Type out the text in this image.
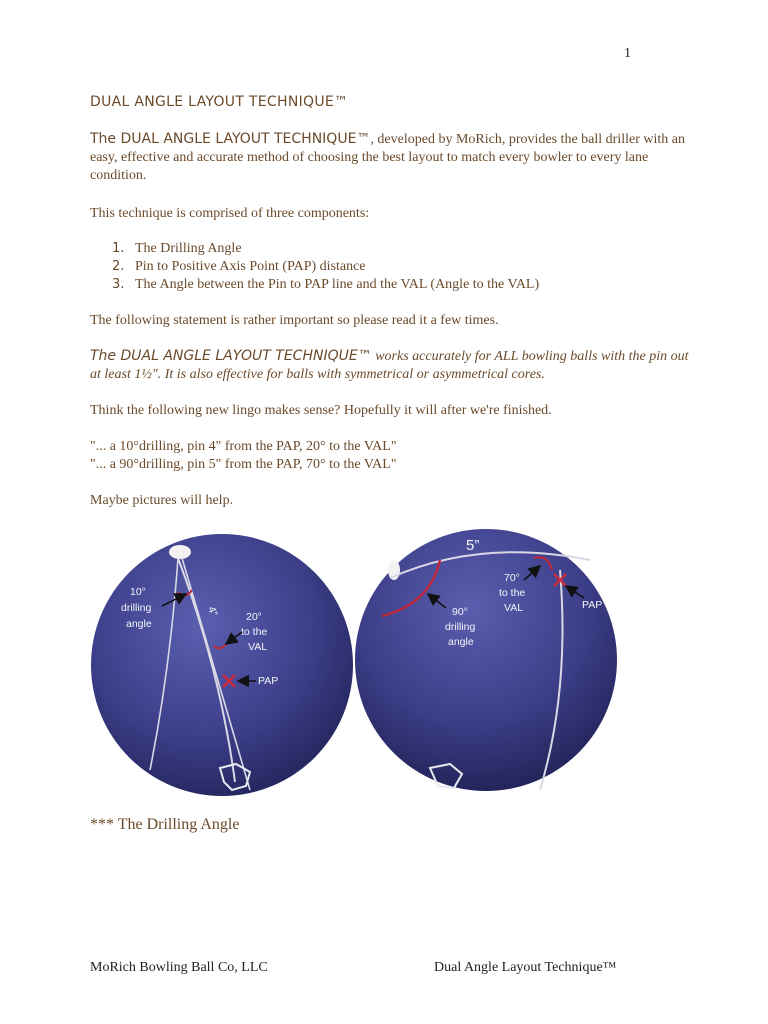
1
DUAL ANGLE LAYOUT TECHNIQUE™

The DUAL ANGLE LAYOUT TECHNIQUE™, developed by MoRich, provides the ball driller with an easy, effective and accurate method of choosing the best layout to match every bowler to every lane condition.

This technique is comprised of three components:

1. The Drilling Angle
2. Pin to Positive Axis Point (PAP) distance
3. The Angle between the Pin to PAP line and the VAL (Angle to the VAL)

The following statement is rather important so please read it a few times.

The DUAL ANGLE LAYOUT TECHNIQUE™ works accurately for ALL bowling balls with the pin out at least 1½". It is also effective for balls with symmetrical or asymmetrical cores.

Think the following new lingo makes sense? Hopefully it will after we're finished.

"... a 10°drilling, pin 4" from the PAP, 20° to the VAL"

"... a 90°drilling, pin 5" from the PAP, 70° to the VAL"

Maybe pictures will help.

4”
10°
drilling
angle
20°
to the
VAL
PAP
5”
70°
to the
VAL	PAP
90°
drilling
angle
*** The Drilling Angle
MoRich Bowling Ball Co, LLC	Dual Angle Layout Technique™
